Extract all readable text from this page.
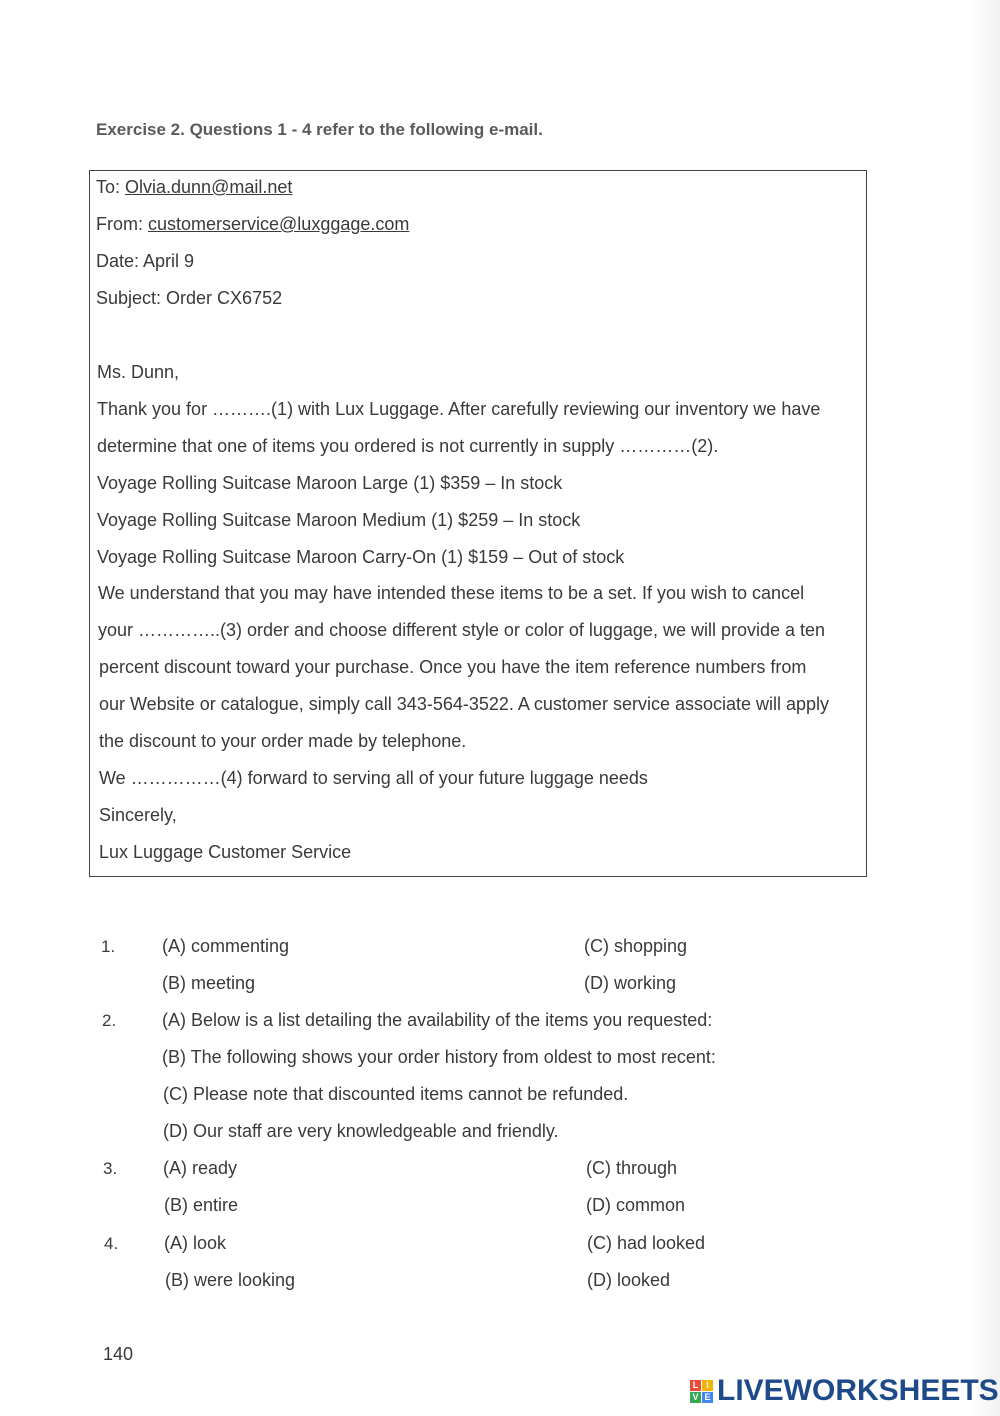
Exercise 2. Questions 1 - 4 refer to the following e-mail.
To: Olvia.dunn@mail.net
From: customerservice@luxggage.com
Date: April 9
Subject: Order CX6752
Ms. Dunn,
Thank you for ……….(1) with Lux Luggage. After carefully reviewing our inventory we have
determine that one of items you ordered is not currently in supply …………(2).
Voyage Rolling Suitcase Maroon Large (1) $359 – In stock
Voyage Rolling Suitcase Maroon Medium (1) $259 – In stock
Voyage Rolling Suitcase Maroon Carry-On (1) $159 – Out of stock
We understand that you may have intended these items to be a set. If you wish to cancel
your …………..(3) order and choose different style or color of luggage, we will provide a ten
percent discount toward your purchase. Once you have the item reference numbers from
our Website or catalogue, simply call 343-564-3522. A customer service associate will apply
the discount to your order made by telephone.
We ……………(4) forward to serving all of your future luggage needs
Sincerely,
Lux Luggage Customer Service
1.	(A) commenting	(C) shopping
(B) meeting	(D) working
2.	(A) Below is a list detailing the availability of the items you requested:
(B) The following shows your order history from oldest to most recent:
(C) Please note that discounted items cannot be refunded.
(D) Our staff are very knowledgeable and friendly.
3.	(A) ready	(C) through
(B) entire	(D) common
4.	(A) look	(C) had looked
(B) were looking	(D) looked
140
L I
V E LIVEWORKSHEETS
